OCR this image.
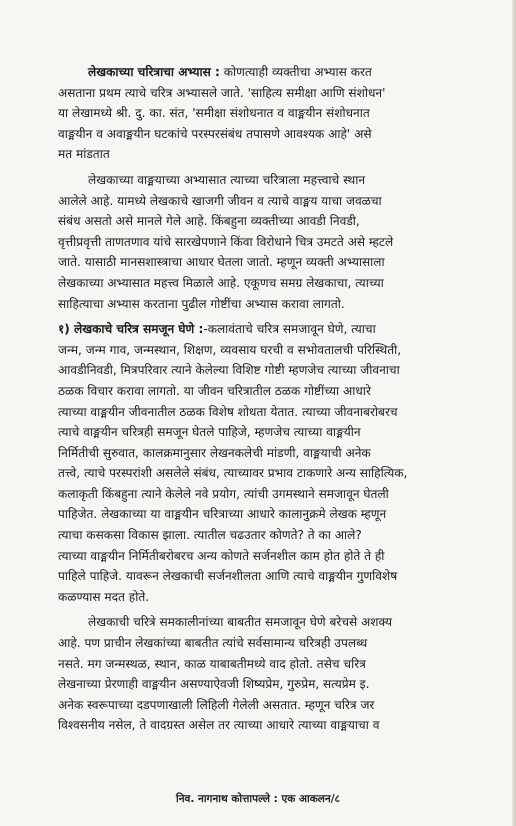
लेखकाच्या चरित्राचा अभ्यास : कोणत्याही व्यक्तीचा अभ्यास करत
असताना प्रथम त्याचे चरित्र अभ्यासले जाते. 'साहित्य समीक्षा आणि संशोधन'
या लेखामध्ये श्री. दु. का. संत, 'समीक्षा संशोधनात व वाङ्मयीन संशोधनात
वाङ्मयीन व अवाङ्मयीन घटकांचे परस्परसंबंध तपासणे आवश्यक आहे' असे
मत मांडतात
लेखकाच्या वाङ्मयाच्या अभ्यासात त्याच्या चरित्राला महत्त्वाचे स्थान
आलेले आहे. यामध्ये लेखकाचे खाजगी जीवन व त्याचे वाङ्मय याचा जवळचा
संबंध असतो असे मानले गेले आहे. किंबहुना व्यक्तीच्या आवडी निवडी,
वृत्तीप्रवृत्ती ताणतणाव यांचे सारखेपणाने किंवा विरोधाने चित्र उमटते असे म्हटले
जाते. यासाठी मानसशास्त्राचा आधार घेतला जातो. म्हणून व्यक्ती अभ्यासाला
लेखकाच्या अभ्यासात महत्त्व मिळाले आहे. एकूणच समग्र लेखकाचा, त्याच्या
साहित्याचा अभ्यास करताना पुढील गोष्टींचा अभ्यास करावा लागतो.
१) लेखकाचे चरित्र समजून घेणे :-कलावंताचे चरित्र समजावून घेणे, त्याचा
जन्म, जन्म गाव, जन्मस्थान, शिक्षण, व्यवसाय घरची व सभोवतालची परिस्थिती,
आवडीनिवडी, मित्रपरिवार त्याने केलेल्या विशिष्ट गोष्टी म्हणजेच त्याच्या जीवनाचा
ठळक विचार करावा लागतो. या जीवन चरित्रातील ठळक गोष्टींच्या आधारे
त्याच्या वाङ्मयीन जीवनातील ठळक विशेष शोधता येतात. त्याच्या जीवनाबरोबरच
त्याचे वाङ्मयीन चरित्रही समजून घेतले पाहिजे, म्हणजेच त्याच्या वाङ्मयीन
निर्मितीची सुरुवात, कालक्रमानुसार लेखनकलेची मांडणी, वाङ्मयाची अनेक
तत्त्वे, त्याचे परस्परांशी असलेले संबंध, त्याच्यावर प्रभाव टाकणारे अन्य साहित्यिक,
कलाकृती किंबहुना त्याने केलेले नवे प्रयोग, त्यांची उगमस्थाने समजावून घेतली
पाहिजेत. लेखकाच्या या वाङ्मयीन चरित्राच्या आधारे कालानुक्रमे लेखक म्हणून
त्याचा कसकसा विकास झाला. त्यातील चढउतार कोणते? ते का आले?
त्याच्या वाङ्मयीन निर्मितीबरोबरच अन्य कोणते सर्जनशील काम होत होते ते ही
पाहिले पाहिजे. यावरून लेखकाची सर्जनशीलता आणि त्याचे वाङ्मयीन गुणविशेष
कळण्यास मदत होते.
लेखकाची चरित्रे समकालीनांच्या बाबतीत समजावून घेणे बरेचसे अशक्य
आहे. पण प्राचीन लेखकांच्या बाबतीत त्यांचे सर्वसामान्य चरित्रही उपलब्ध
नसते. मग जन्मस्थळ, स्थान, काळ याबाबतीमध्ये वाद होतो. तसेच चरित्र
लेखनाच्या प्रेरणाही वाङ्मयीन असण्याऐवजी शिष्यप्रेम, गुरुप्रेम, सत्यप्रेम इ.
अनेक स्वरूपाच्या दडपणाखाली लिहिली गेलेली असतात. म्हणून चरित्र जर
विश्वसनीय नसेल, ते वादग्रस्त असेल तर त्याच्या आधारे त्याच्या वाङ्मयाचा व
निव. नागनाथ कोत्तापल्ले : एक आकलन/८
